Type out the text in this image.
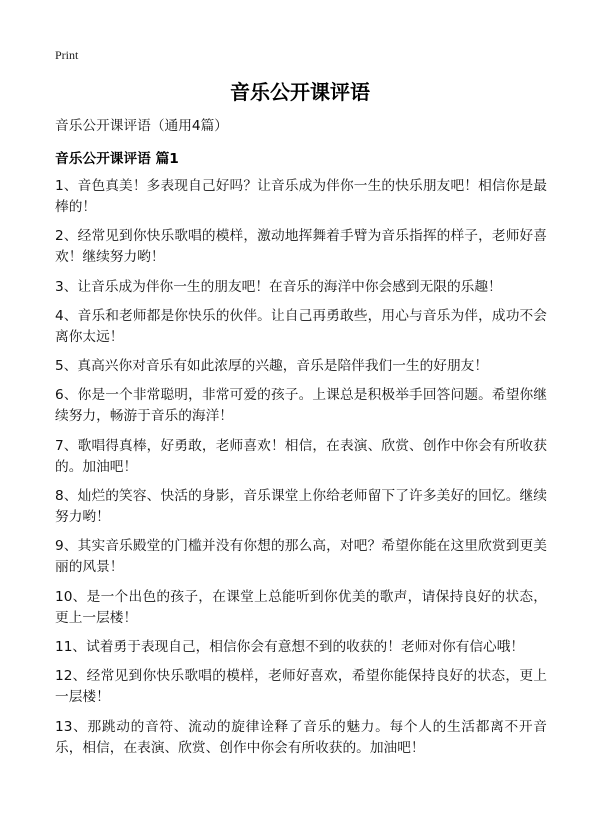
Print
音乐公开课评语

音乐公开课评语（通用4篇）

音乐公开课评语 篇1

1、音色真美！多表现自己好吗？让音乐成为伴你一生的快乐朋友吧！相信你是最棒的！

2、经常见到你快乐歌唱的模样，激动地挥舞着手臂为音乐指挥的样子，老师好喜欢！继续努力哟！

3、让音乐成为伴你一生的朋友吧！在音乐的海洋中你会感到无限的乐趣！

4、音乐和老师都是你快乐的伙伴。让自己再勇敢些，用心与音乐为伴，成功不会离你太远！

5、真高兴你对音乐有如此浓厚的兴趣，音乐是陪伴我们一生的好朋友！

6、你是一个非常聪明，非常可爱的孩子。上课总是积极举手回答问题。希望你继续努力，畅游于音乐的海洋！

7、歌唱得真棒，好勇敢，老师喜欢！相信，在表演、欣赏、创作中你会有所收获的。加油吧！

8、灿烂的笑容、快活的身影，音乐课堂上你给老师留下了许多美好的回忆。继续努力哟！

9、其实音乐殿堂的门槛并没有你想的那么高，对吧？希望你能在这里欣赏到更美丽的风景！

10、是一个出色的孩子，在课堂上总能听到你优美的歌声，请保持良好的状态，更上一层楼！

11、试着勇于表现自己，相信你会有意想不到的收获的！老师对你有信心哦！

12、经常见到你快乐歌唱的模样，老师好喜欢，希望你能保持良好的状态，更上一层楼！

13、那跳动的音符、流动的旋律诠释了音乐的魅力。每个人的生活都离不开音乐，相信，在表演、欣赏、创作中你会有所收获的。加油吧！
